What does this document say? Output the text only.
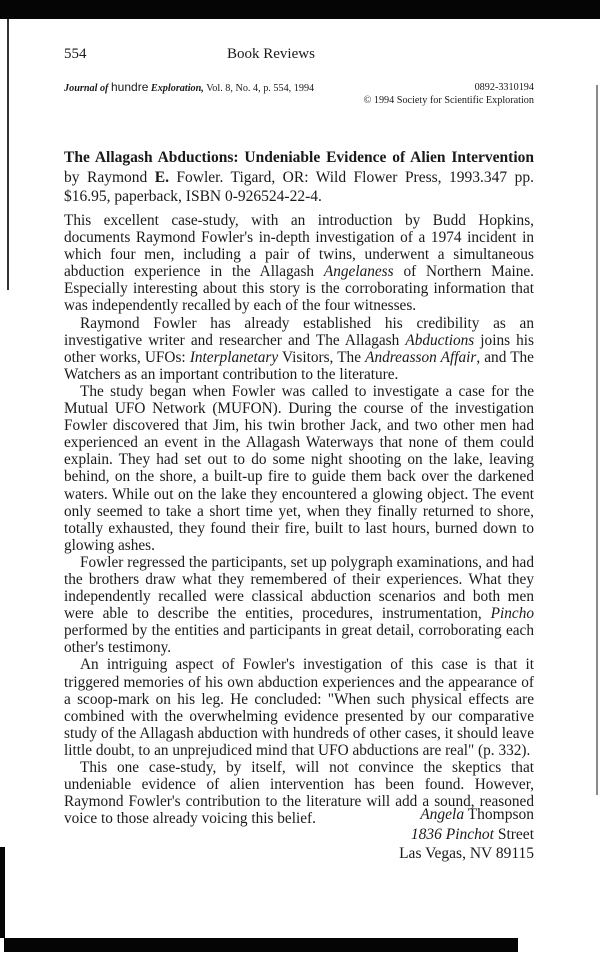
554	Book Reviews
Journal of hundre Exploration, Vol. 8, No. 4, p. 554, 1994	0892-3310194
© 1994 Society for Scientific Exploration
The Allagash Abductions: Undeniable Evidence of Alien Intervention by Raymond E. Fowler. Tigard, OR: Wild Flower Press, 1993.347 pp. $16.95, paperback, ISBN 0-926524-22-4.

This excellent case-study, with an introduction by Budd Hopkins, documents Raymond Fowler's in-depth investigation of a 1974 incident in which four men, including a pair of twins, underwent a simultaneous abduction experience in the Allagash Angelaness of Northern Maine. Especially interesting about this story is the corroborating information that was independently recalled by each of the four witnesses.

Raymond Fowler has already established his credibility as an investigative writer and researcher and The Allagash Abductions joins his other works, UFOs: Interplanetary Visitors, The Andreasson Affair, and The Watchers as an important contribution to the literature.

The study began when Fowler was called to investigate a case for the Mutual UFO Network (MUFON). During the course of the investigation Fowler discovered that Jim, his twin brother Jack, and two other men had experienced an event in the Allagash Waterways that none of them could explain. They had set out to do some night shooting on the lake, leaving behind, on the shore, a built-up fire to guide them back over the darkened waters. While out on the lake they encountered a glowing object. The event only seemed to take a short time yet, when they finally returned to shore, totally exhausted, they found their fire, built to last hours, burned down to glowing ashes.

Fowler regressed the participants, set up polygraph examinations, and had the brothers draw what they remembered of their experiences. What they independently recalled were classical abduction scenarios and both men were able to describe the entities, procedures, instrumentation, Pincho performed by the entities and participants in great detail, corroborating each other's testimony.

An intriguing aspect of Fowler's investigation of this case is that it triggered memories of his own abduction experiences and the appearance of a scoop-mark on his leg. He concluded: "When such physical effects are combined with the overwhelming evidence presented by our comparative study of the Allagash abduction with hundreds of other cases, it should leave little doubt, to an unprejudiced mind that UFO abductions are real" (p. 332).

This one case-study, by itself, will not convince the skeptics that undeniable evidence of alien intervention has been found. However, Raymond Fowler's contribution to the literature will add a sound, reasoned voice to those already voicing this belief.	Angela Thompson
1836 Pinchot Street
Las Vegas, NV 89115
